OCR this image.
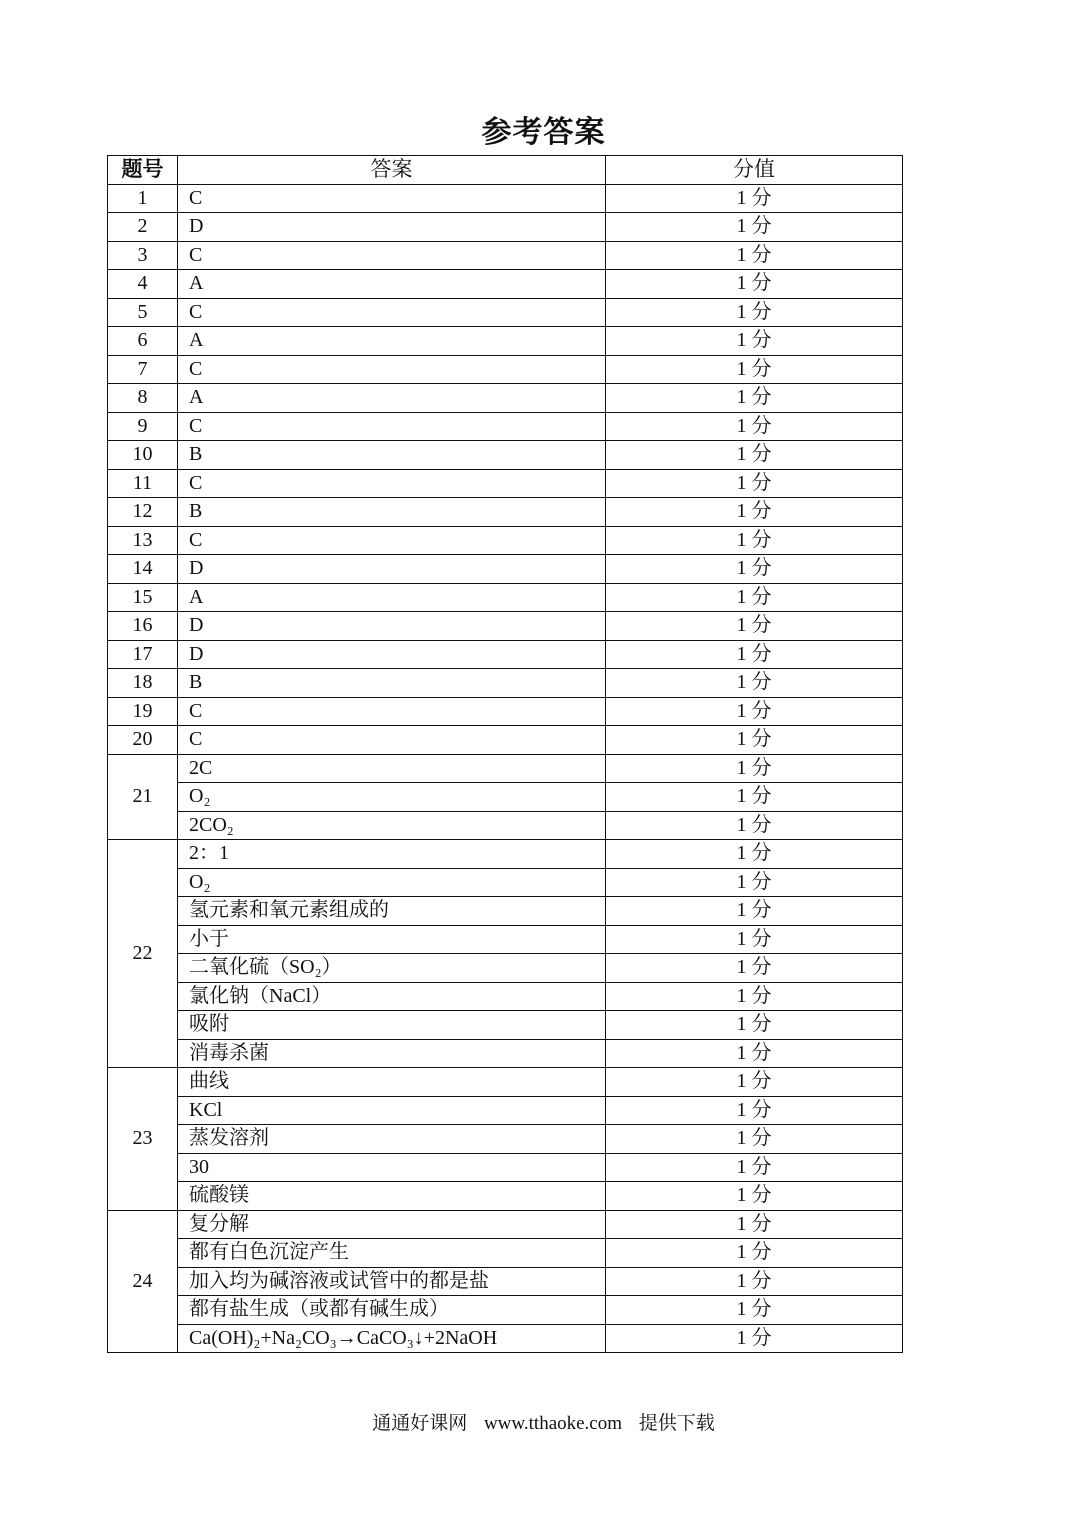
参考答案
题号	答案	分值
1	C	1 分
2	D	1 分
3	C	1 分
4	A	1 分
5	C	1 分
6	A	1 分
7	C	1 分
8	A	1 分
9	C	1 分
10	B	1 分
11	C	1 分
12	B	1 分
13	C	1 分
14	D	1 分
15	A	1 分
16	D	1 分
17	D	1 分
18	B	1 分
19	C	1 分
20	C	1 分
21	2C	1 分
	O₂	1 分
	2CO₂	1 分
22	2：1	1 分
	O₂	1 分
	氢元素和氧元素组成的	1 分
	小于	1 分
	二氧化硫（SO₂）	1 分
	氯化钠（NaCl）	1 分
	吸附	1 分
	消毒杀菌	1 分
23	曲线	1 分
	KCl	1 分
	蒸发溶剂	1 分
	30	1 分
	硫酸镁	1 分
24	复分解	1 分
	都有白色沉淀产生	1 分
	加入均为碱溶液或试管中的都是盐	1 分
	都有盐生成（或都有碱生成）	1 分
	Ca(OH)₂+Na₂CO₃→CaCO₃↓+2NaOH	1 分
通通好课网 www.tthaoke.com 提供下载
